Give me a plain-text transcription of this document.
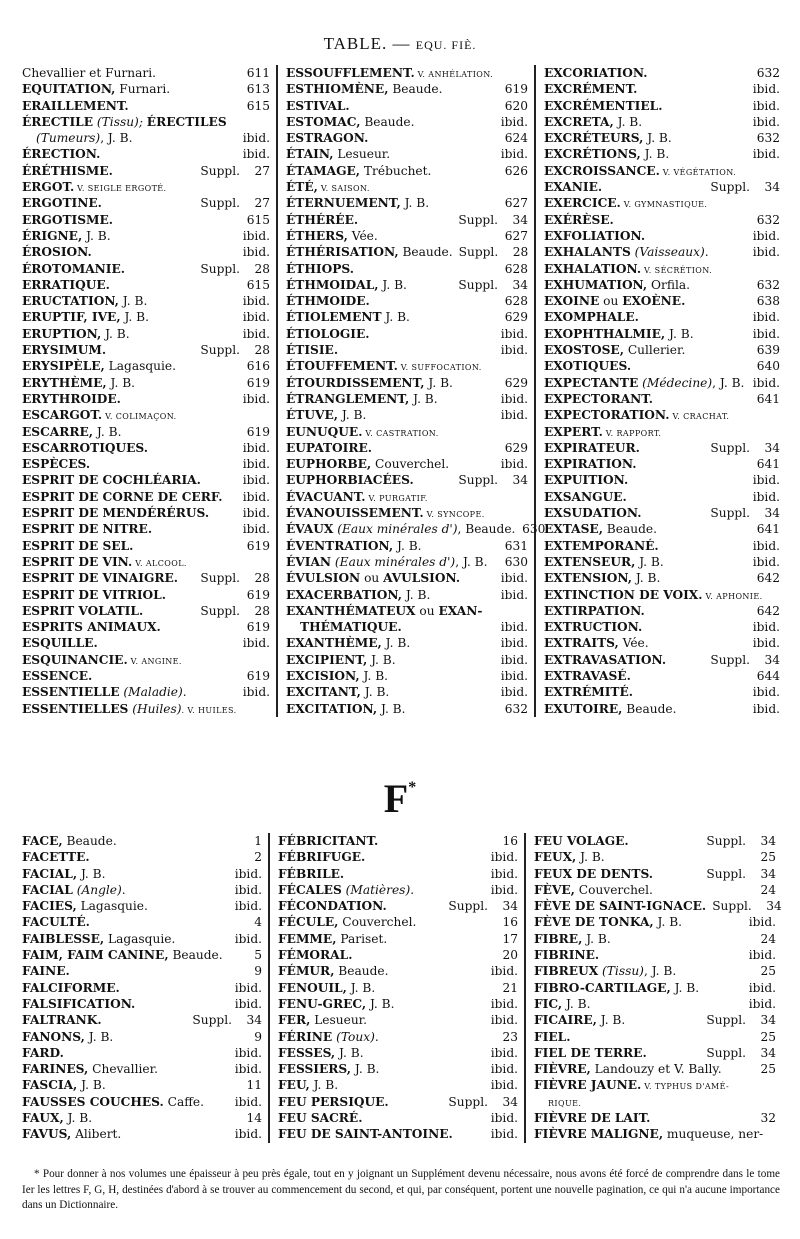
TABLE. — EQU. FIÈ.
Chevallier et Furnari.	611
EQUITATION, Furnari.	613
ERAILLEMENT.	615
ÉRECTILE (Tissu); ÉRECTILES
(Tumeurs), J. B.	ibid.
ÉRECTION.	ibid.
ÉRÉTHISME.	Suppl.	27
ERGOT. V. SEIGLE ERGOTÉ.
ERGOTINE.	Suppl.	27
ERGOTISME.	615
ÉRIGNE, J. B.	ibid.
ÉROSION.	ibid.
ÉROTOMANIE.	Suppl.	28
ERRATIQUE.	615
ERUCTATION, J. B.	ibid.
ERUPTIF, IVE, J. B.	ibid.
ERUPTION, J. B.	ibid.
ERYSIMUM.	Suppl.	28
ERYSIPÈLE, Lagasquie.	616
ERYTHÈME, J. B.	619
ERYTHROIDE.	ibid.
ESCARGOT. V. COLIMAÇON.
ESCARRE, J. B.	619
ESCARROTIQUES.	ibid.
ESPÈCES.	ibid.
ESPRIT DE COCHLÉARIA.	ibid.
ESPRIT DE CORNE DE CERF. ibid.
ESPRIT DE MENDÉRÉRUS.	ibid.
ESPRIT DE NITRE.	ibid.
ESPRIT DE SEL.	619
ESPRIT DE VIN. V. ALCOOL.
ESPRIT DE VINAIGRE. Suppl.	28
ESPRIT DE VITRIOL.	619
ESPRIT VOLATIL.	Suppl.	28
ESPRITS ANIMAUX.	619
ESQUILLE.	ibid.
ESQUINANCIE. V. ANGINE.
ESSENCE.	619
ESSENTIELLE (Maladie).	ibid.
ESSENTIELLES (Huiles). V. HUILES.
ESSOUFFLEMENT. V. ANHÉLATION.
ESTHIOMÈNE, Beaude.	619
ESTIVAL.	620
ESTOMAC, Beaude.	ibid.
ESTRAGON.	624
ÉTAIN, Lesueur.	ibid.
ÉTAMAGE, Trébuchet.	626
ÉTÉ, V. SAISON.
ÉTERNUEMENT, J. B.	627
ÉTHÉRÉE.	Suppl.	34
ÉTHERS, Vée.	627
ÉTHÉRISATION, Beaude. Suppl.	28
ÉTHIOPS.	628
ÉTHMOIDAL, J. B.	Suppl.	34
ÉTHMOIDE.	628
ÉTIOLEMENT J. B.	629
ÉTIOLOGIE.	ibid.
ÉTISIE.	ibid.
ÉTOUFFEMENT. V. SUFFOCATION.
ÉTOURDISSEMENT, J. B.	629
ÉTRANGLEMENT, J. B.	ibid.
ÉTUVE, J. B.	ibid.
EUNUQUE. V. CASTRATION.
EUPATOIRE.	629
EUPHORBE, Couverchel.	ibid.
EUPHORBIACÉES.	Suppl.	34
ÉVACUANT. V. PURGATIF.
ÉVANOUISSEMENT. V. SYNCOPE.
ÉVAUX (Eaux minérales d'), Beaude. 630
ÉVENTRATION, J. B.	631
ÉVIAN (Eaux minérales d'), J. B. 630
ÉVULSION ou AVULSION.	ibid.
EXACERBATION, J. B.	ibid.
EXANTHÉMATEUX ou EXAN-
THÉMATIQUE.	ibid.
EXANTHÈME, J. B.	ibid.
EXCIPIENT, J. B.	ibid.
EXCISION, J. B.	ibid.
EXCITANT, J. B.	ibid.
EXCITATION, J. B.	632
EXCORIATION.	632
EXCRÉMENT.	ibid.
EXCRÉMENTIEL.	ibid.
EXCRETA, J. B.	ibid.
EXCRÉTEURS, J. B.	632
EXCRÉTIONS, J. B.	ibid.
EXCROISSANCE. V. VÉGÉTATION.
EXANIE.	Suppl.	34
EXERCICE. V. GYMNASTIQUE.
EXÉRÈSE.	632
EXFOLIATION.	ibid.
EXHALANTS (Vaisseaux).	ibid.
EXHALATION. V. SÉCRÉTION.
EXHUMATION, Orfila.	632
EXOINE ou EXOÈNE.	638
EXOMPHALE.	ibid.
EXOPHTHALMIE, J. B.	ibid.
EXOSTOSE, Cullerier.	639
EXOTIQUES.	640
EXPECTANTE (Médecine), J. B. ibid.
EXPECTORANT.	641
EXPECTORATION. V. CRACHAT.
EXPERT. V. RAPPORT.
EXPIRATEUR.	Suppl.	34
EXPIRATION.	641
EXPUITION.	ibid.
EXSANGUE.	ibid.
EXSUDATION.	Suppl.	34
EXTASE, Beaude.	641
EXTEMPORANÉ.	ibid.
EXTENSEUR, J. B.	ibid.
EXTENSION, J. B.	642
EXTINCTION DE VOIX. V. APHONIE.
EXTIRPATION.	642
EXTRUCTION.	ibid.
EXTRAITS, Vée.	ibid.
EXTRAVASATION.	Suppl.	34
EXTRAVASÉ.	644
EXTRÉMITÉ.	ibid.
EXUTOIRE, Beaude.	ibid.
F*
FACE, Beaude.	1
FACETTE.	2
FACIAL, J. B.	ibid.
FACIAL (Angle).	ibid.
FACIES, Lagasquie.	ibid.
FACULTÉ.	4
FAIBLESSE, Lagasquie.	ibid.
FAIM, FAIM CANINE, Beaude.	5
FAINE.	9
FALCIFORME.	ibid.
FALSIFICATION.	ibid.
FALTRANK.	Suppl.	34
FANONS, J. B.	9
FARD.	ibid.
FARINES, Chevallier.	ibid.
FASCIA, J. B.	11
FAUSSES COUCHES. Caffe.	ibid.
FAUX, J. B.	14
FAVUS, Alibert.	ibid.
FÉBRICITANT.	16
FÉBRIFUGE.	ibid.
FÉBRILE.	ibid.
FÉCALES (Matières).	ibid.
FÉCONDATION.	Suppl.	34
FÉCULE, Couverchel.	16
FEMME, Pariset.	17
FÉMORAL.	20
FÉMUR, Beaude.	ibid.
FENOUIL, J. B.	21
FENU-GREC, J. B.	ibid.
FER, Lesueur.	ibid.
FÉRINE (Toux).	23
FESSES, J. B.	ibid.
FESSIERS, J. B.	ibid.
FEU, J. B.	ibid.
FEU PERSIQUE.	Suppl.	34
FEU SACRÉ.	ibid.
FEU DE SAINT-ANTOINE.	ibid.
FEU VOLAGE.	Suppl.	34
FEUX, J. B.	25
FEUX DE DENTS.	Suppl.	34
FÈVE, Couverchel.	24
FÈVE DE SAINT-IGNACE. Suppl.	34
FÈVE DE TONKA, J. B.	ibid.
FIBRE, J. B.	24
FIBRINE.	ibid.
FIBREUX (Tissu), J. B.	25
FIBRO-CARTILAGE, J. B.	ibid.
FIC, J. B.	ibid.
FICAIRE, J. B.	Suppl.	34
FIEL.	25
FIEL DE TERRE.	Suppl.	34
FIÈVRE, Landouzy et V. Bally.	25
FIÈVRE JAUNE. V. TYPHUS D'AMÉ-
RIQUE.
FIÈVRE DE LAIT.	32
FIÈVRE MALIGNE, muqueuse, ner-

* Pour donner à nos volumes une épaisseur à peu près égale, tout en y joignant un Supplément devenu nécessaire, nous avons été forcé de comprendre dans le tome Ier les lettres F, G, H, destinées d'abord à se trouver au commencement du second, et qui, par conséquent, portent une nouvelle pagination, ce qui n'a aucune importance dans un Dictionnaire.
